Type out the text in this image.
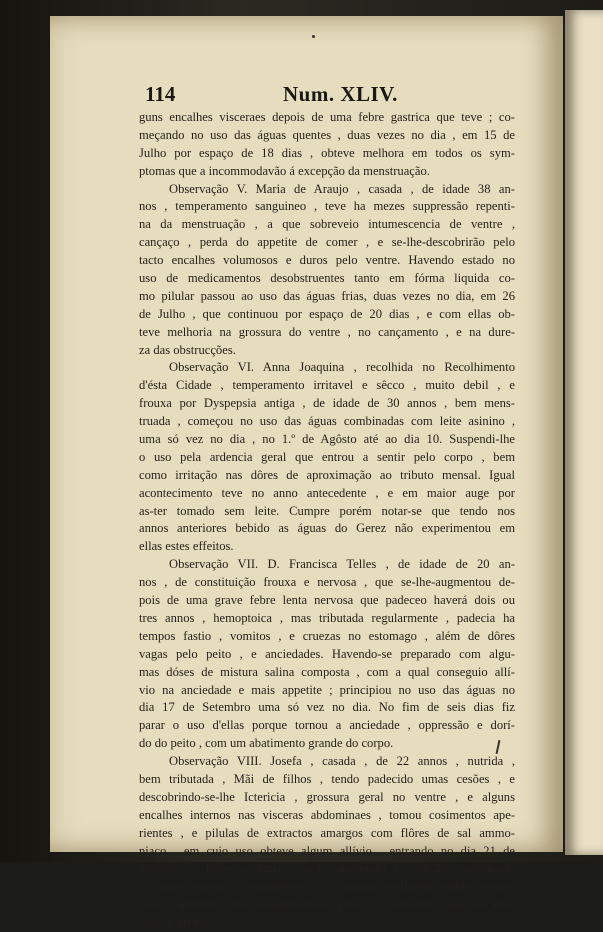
114	Num. XLIV.
guns encalhes visceraes depois de uma febre gastrica que teve ; co-
meçando no uso das águas quentes , duas vezes no dia , em 15 de
Julho por espaço de 18 dias , obteve melhora em todos os sym-
ptomas que a incommodavão á excepção da menstruação.
Observação V. Maria de Araujo , casada , de idade 38 an-
nos , temperamento sanguineo , teve ha mezes suppressão repenti-
na da menstruação , a que sobreveio intumescencia de ventre ,
cançaço , perda do appetite de comer , e se-lhe-descobrirão pelo
tacto encalhes volumosos e duros pelo ventre. Havendo estado no
uso de medicamentos desobstruentes tanto em fórma liquida co-
mo pilular passou ao uso das águas frias, duas vezes no dia, em 26
de Julho , que continuou por espaço de 20 dias , e com ellas ob-
teve melhoria na grossura do ventre , no cançamento , e na dure-
za das obstrucções.
Observação VI. Anna Joaquina , recolhida no Recolhimento
d'ésta Cidade , temperamento irritavel e sêcco , muito debil , e
frouxa por Dyspepsia antiga , de idade de 30 annos , bem mens-
truada , começou no uso das águas combinadas com leite asinino ,
uma só vez no dia , no 1.º de Agôsto até ao dia 10. Suspendi-lhe
o uso pela ardencia geral que entrou a sentir pelo corpo , bem
como irritação nas dôres de aproximação ao tributo mensal. Igual
acontecimento teve no anno antecedente , e em maior auge por
as-ter tomado sem leite. Cumpre porém notar-se que tendo nos
annos anteriores bebido as águas do Gerez não experimentou em
ellas estes effeitos.
Observação VII. D. Francisca Telles , de idade de 20 an-
nos , de constituição frouxa e nervosa , que se-lhe-augmentou de-
pois de uma grave febre lenta nervosa que padeceo haverá dois ou
tres annos , hemoptoica , mas tributada regularmente , padecia ha
tempos fastio , vomitos , e cruezas no estomago , além de dôres
vagas pelo peito , e anciedades. Havendo-se preparado com algu-
mas dóses de mistura salina composta , com a qual conseguio allí-
vio na anciedade e mais appetite ; principiou no uso das águas no
dia 17 de Setembro uma só vez no dia. No fim de seis dias fiz
parar o uso d'ellas porque tornou a anciedade , oppressão e dorí-
do do peito , com um abatimento grande do corpo.
Observação VIII. Josefa , casada , de 22 annos , nutrida ,
bem tributada , Mãi de filhos , tendo padecido umas cesões , e
descobrindo-se-lhe Ictericia , grossura geral no ventre , e alguns
encalhes internos nas visceras abdominaes , tomou cosimentos ape-
rientes , e pilulas de extractos amargos com flôres de sal ammo-
niaco , em cujo uso obteve algum allívio , entrando no dia 21 de
Setembro a beber as águas , as-fiz suspender no dia 28 , porquanto
o ventre tornou a entumescer , as ourinas se-fizerão muito verme-
lhas , sentindo uma escandecencia geral , e havendo falta de eva-
cuação alvina.
